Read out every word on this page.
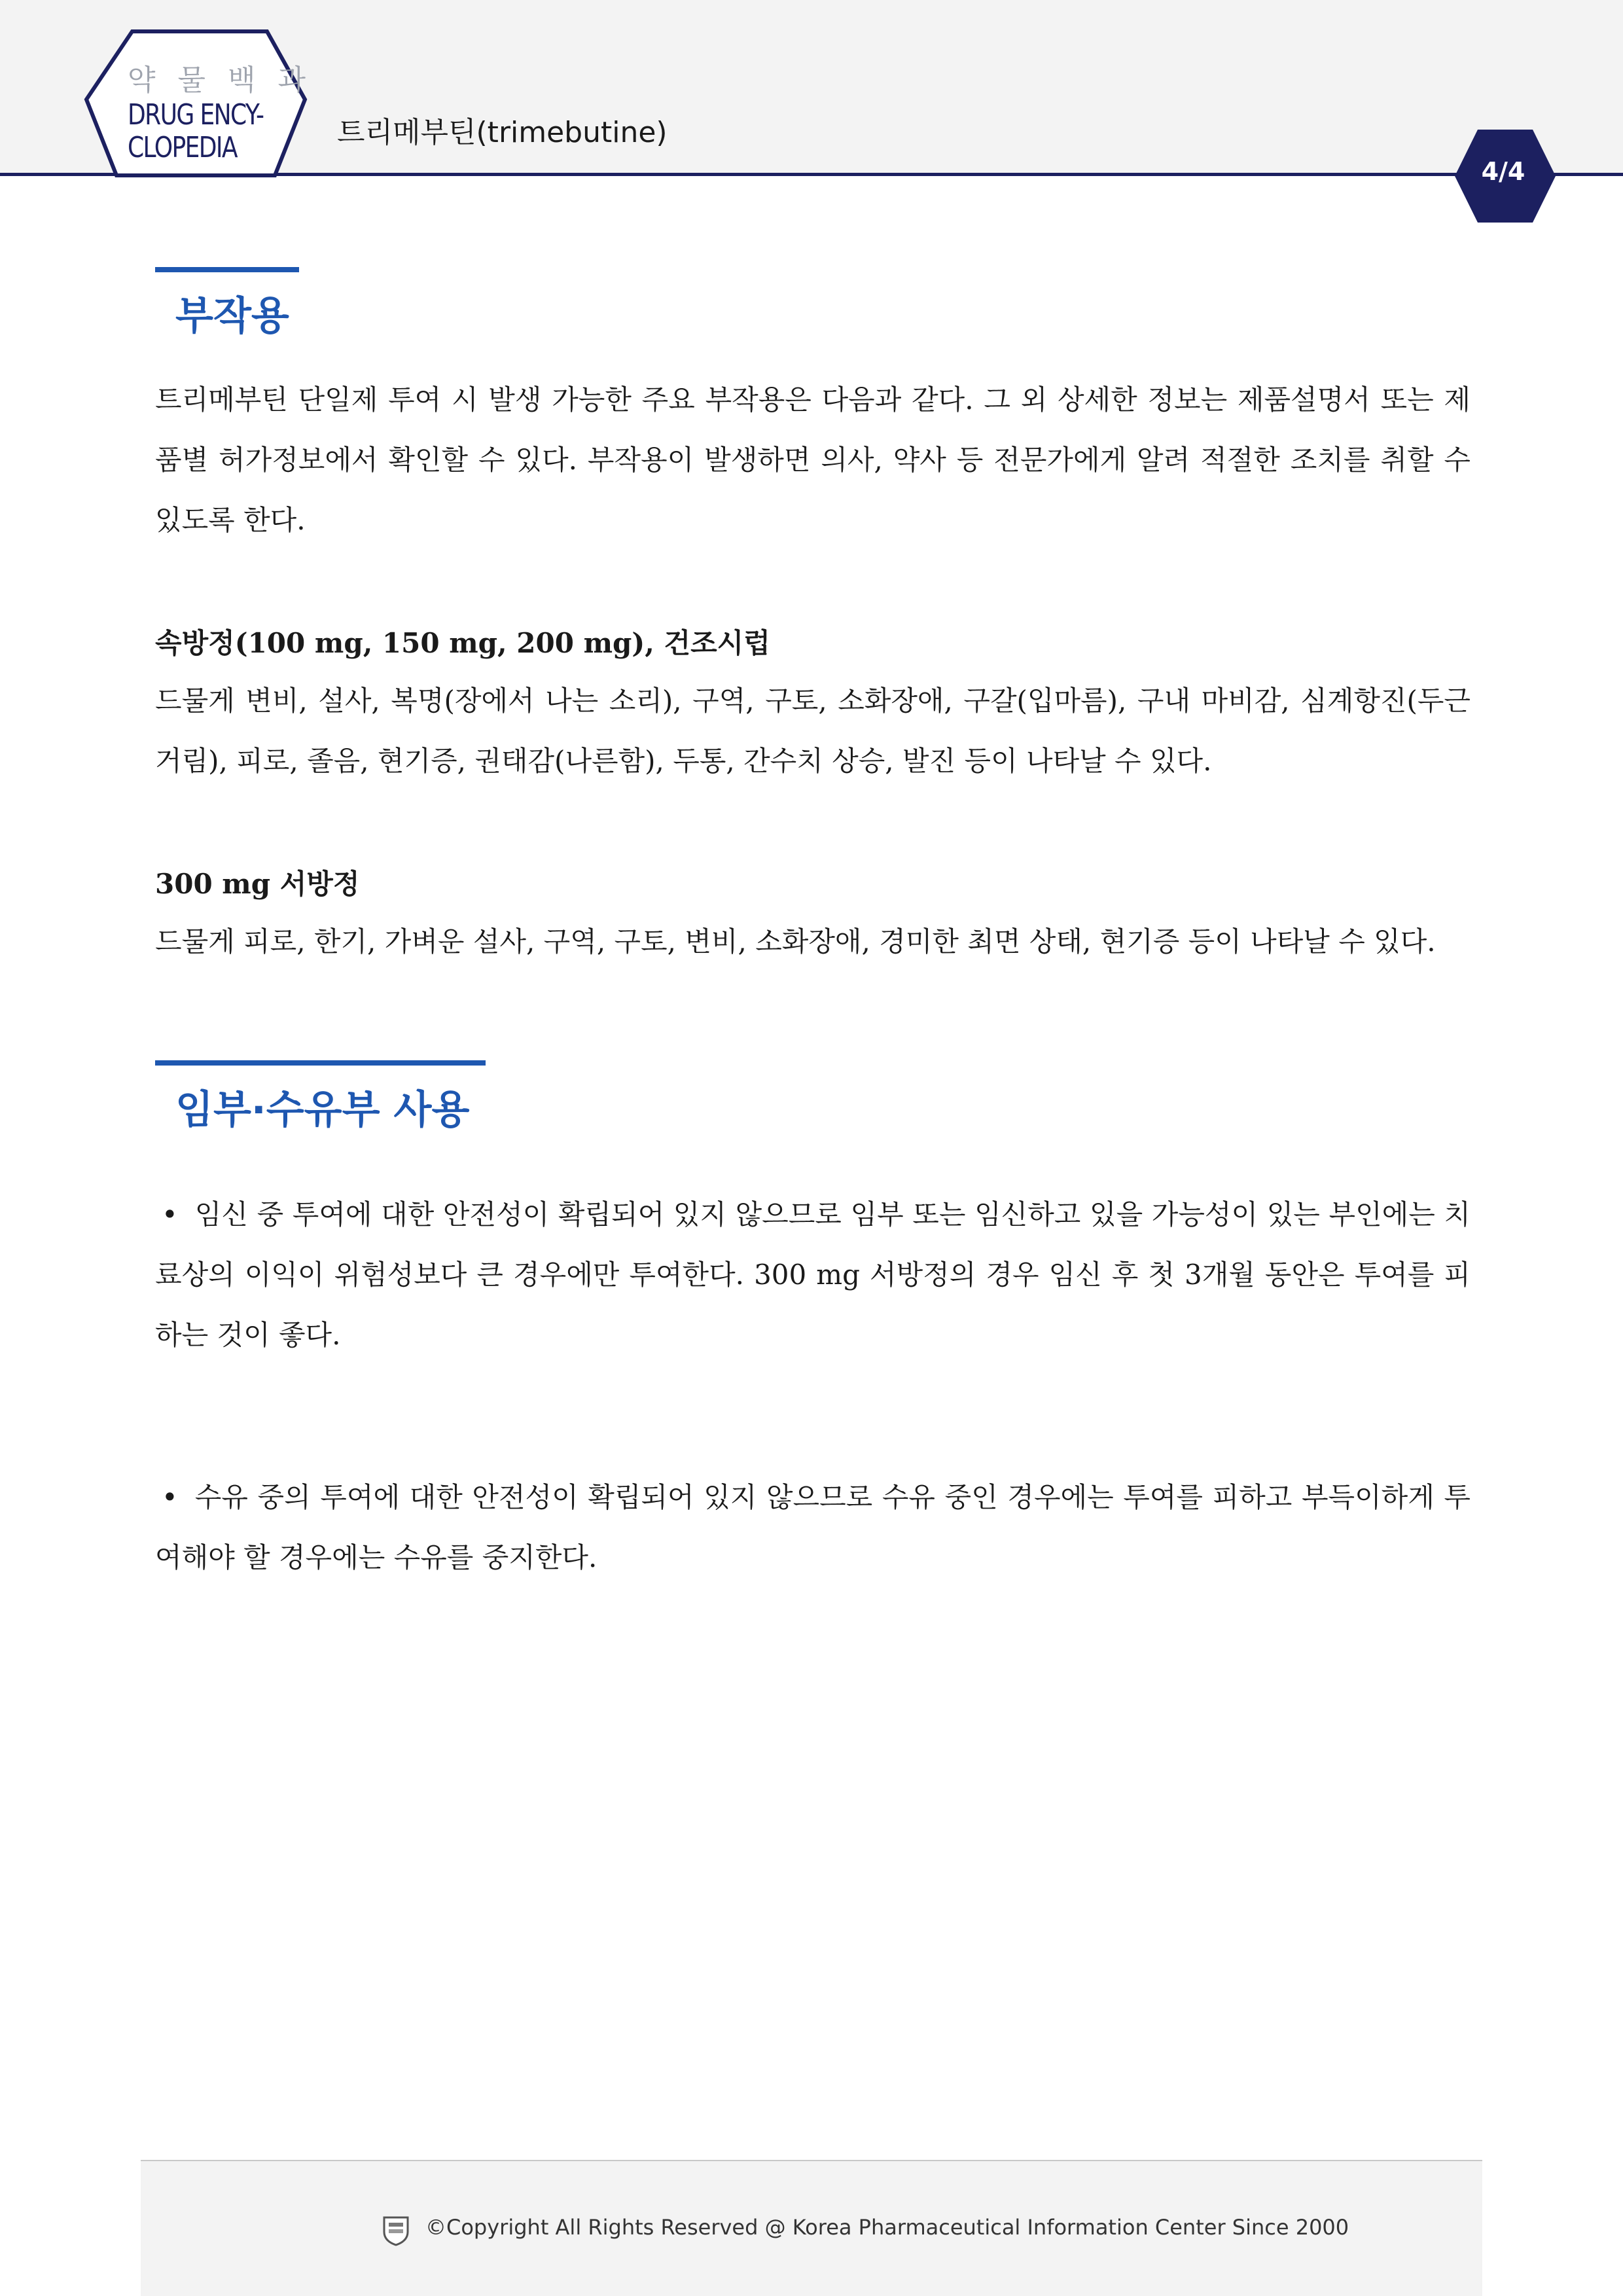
약 물 백 과
DRUG ENCY-
CLOPEDIA	트리메부틴(trimebutine)
4/4
부작용

트리메부틴 단일제 투여 시 발생 가능한 주요 부작용은 다음과 같다. 그 외 상세한 정보는 제품설명서 또는 제품별 허가정보에서 확인할 수 있다. 부작용이 발생하면 의사, 약사 등 전문가에게 알려 적절한 조치를 취할 수 있도록 한다.

속방정(100 mg, 150 mg, 200 mg), 건조시럽

드물게 변비, 설사, 복명(장에서 나는 소리), 구역, 구토, 소화장애, 구갈(입마름), 구내 마비감, 심계항진(두근거림), 피로, 졸음, 현기증, 권태감(나른함), 두통, 간수치 상승, 발진 등이 나타날 수 있다.

300 mg 서방정

드물게 피로, 한기, 가벼운 설사, 구역, 구토, 변비, 소화장애, 경미한 최면 상태, 현기증 등이 나타날 수 있다.

임부·수유부 사용

• 임신 중 투여에 대한 안전성이 확립되어 있지 않으므로 임부 또는 임신하고 있을 가능성이 있는 부인에는 치료상의 이익이 위험성보다 큰 경우에만 투여한다. 300 mg 서방정의 경우 임신 후 첫 3개월 동안은 투여를 피하는 것이 좋다.

• 수유 중의 투여에 대한 안전성이 확립되어 있지 않으므로 수유 중인 경우에는 투여를 피하고 부득이하게 투여해야 할 경우에는 수유를 중지한다.

©Copyright All Rights Reserved @ Korea Pharmaceutical Information Center Since 2000
